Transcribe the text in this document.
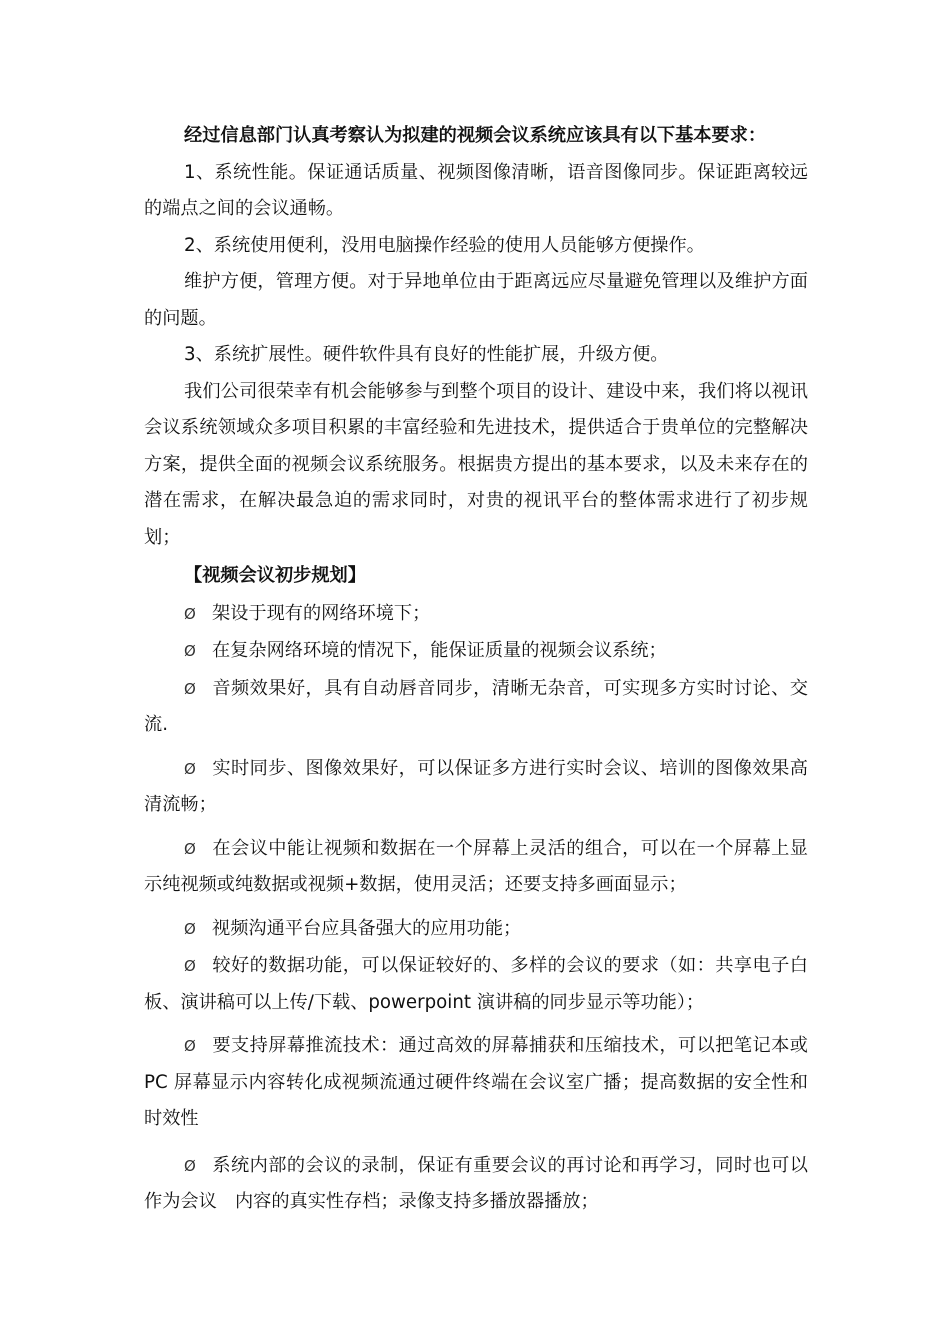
经过信息部门认真考察认为拟建的视频会议系统应该具有以下基本要求：

1、系统性能。保证通话质量、视频图像清晰，语音图像同步。保证距离较远的端点之间的会议通畅。

2、系统使用便利，没用电脑操作经验的使用人员能够方便操作。

维护方便，管理方便。对于异地单位由于距离远应尽量避免管理以及维护方面的问题。

3、系统扩展性。硬件软件具有良好的性能扩展，升级方便。

我们公司很荣幸有机会能够参与到整个项目的设计、建设中来，我们将以视讯会议系统领域众多项目积累的丰富经验和先进技术，提供适合于贵单位的完整解决方案，提供全面的视频会议系统服务。根据贵方提出的基本要求，以及未来存在的潜在需求，在解决最急迫的需求同时，对贵的视讯平台的整体需求进行了初步规划；

【视频会议初步规划】

Ø 架设于现有的网络环境下；

Ø 在复杂网络环境的情况下，能保证质量的视频会议系统；

Ø 音频效果好，具有自动唇音同步，清晰无杂音，可实现多方实时讨论、交流.

Ø 实时同步、图像效果好，可以保证多方进行实时会议、培训的图像效果高清流畅；

Ø 在会议中能让视频和数据在一个屏幕上灵活的组合，可以在一个屏幕上显示纯视频或纯数据或视频+数据，使用灵活；还要支持多画面显示；

Ø 视频沟通平台应具备强大的应用功能；

Ø 较好的数据功能，可以保证较好的、多样的会议的要求（如：共享电子白板、演讲稿可以上传/下载、powerpoint 演讲稿的同步显示等功能）；

Ø 要支持屏幕推流技术：通过高效的屏幕捕获和压缩技术，可以把笔记本或 PC 屏幕显示内容转化成视频流通过硬件终端在会议室广播；提高数据的安全性和时效性

Ø 系统内部的会议的录制，保证有重要会议的再讨论和再学习，同时也可以作为会议　内容的真实性存档；录像支持多播放器播放；
